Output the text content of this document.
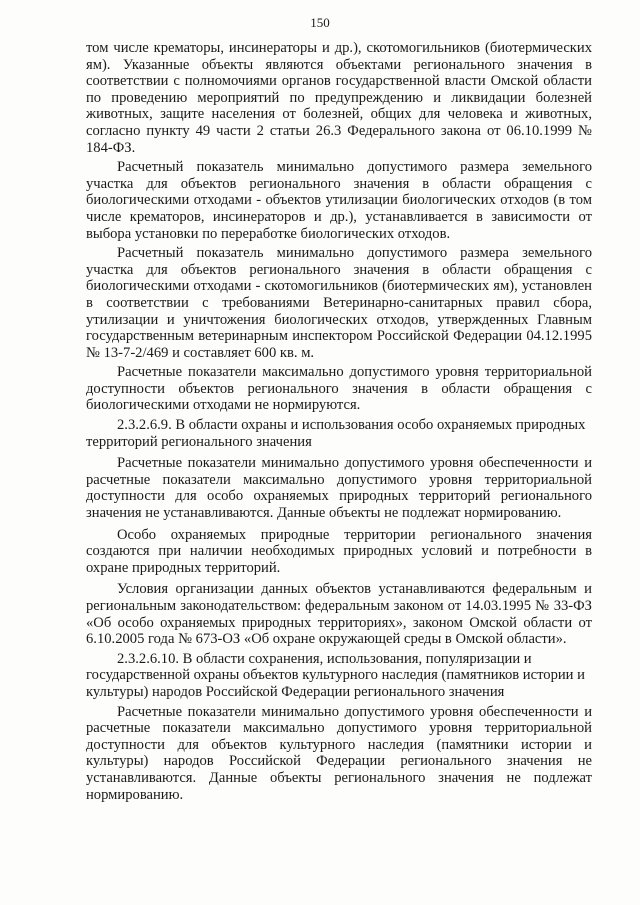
150

том числе крематоры, инсинераторы и др.), скотомогильников (биотермических ям). Указанные объекты являются объектами регионального значения в соответствии с полномочиями органов государственной власти Омской области по проведению мероприятий по предупреждению и ликвидации болезней животных, защите населения от болезней, общих для человека и животных, согласно пункту 49 части 2 статьи 26.3 Федерального закона от 06.10.1999 № 184-ФЗ.

Расчетный показатель минимально допустимого размера земельного участка для объектов регионального значения в области обращения с биологическими отходами - объектов утилизации биологических отходов (в том числе крематоров, инсинераторов и др.), устанавливается в зависимости от выбора установки по переработке биологических отходов.

Расчетный показатель минимально допустимого размера земельного участка для объектов регионального значения в области обращения с биологическими отходами - скотомогильников (биотермических ям), установлен в соответствии с требованиями Ветеринарно-санитарных правил сбора, утилизации и уничтожения биологических отходов, утвержденных Главным государственным ветеринарным инспектором Российской Федерации 04.12.1995 № 13-7-2/469 и составляет 600 кв. м.

Расчетные показатели максимально допустимого уровня территориальной доступности объектов регионального значения в области обращения с биологическими отходами не нормируются.

2.3.2.6.9. В области охраны и использования особо охраняемых природных территорий регионального значения

Расчетные показатели минимально допустимого уровня обеспеченности и расчетные показатели максимально допустимого уровня территориальной доступности для особо охраняемых природных территорий регионального значения не устанавливаются. Данные объекты не подлежат нормированию.

Особо охраняемых природные территории регионального значения создаются при наличии необходимых природных условий и потребности в охране природных территорий.

Условия организации данных объектов устанавливаются федеральным и региональным законодательством: федеральным законом от 14.03.1995 № 33-ФЗ «Об особо охраняемых природных территориях», законом Омской области от 6.10.2005 года № 673-ОЗ «Об охране окружающей среды в Омской области».

2.3.2.6.10. В области сохранения, использования, популяризации и государственной охраны объектов культурного наследия (памятников истории и культуры) народов Российской Федерации регионального значения

Расчетные показатели минимально допустимого уровня обеспеченности и расчетные показатели максимально допустимого уровня территориальной доступности для объектов культурного наследия (памятники истории и культуры) народов Российской Федерации регионального значения не устанавливаются. Данные объекты регионального значения не подлежат нормированию.
